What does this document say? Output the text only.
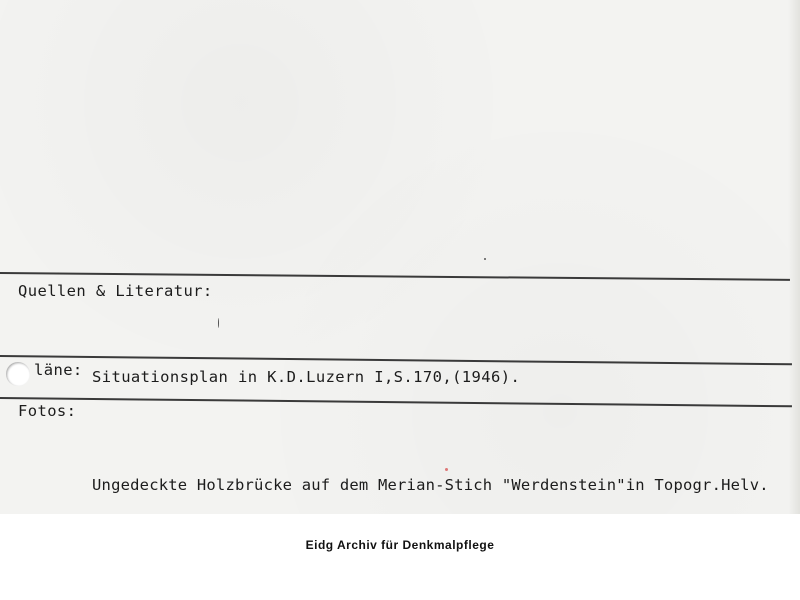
Quellen & Literatur:
läne: Situationsplan in K.D.Luzern I,S.170,(1946).
Fotos:
Ungedeckte Holzbrücke auf dem Merian-Stich "Werdenstein"in Topogr.Helv.
Eidg Archiv für Denkmalpflege
